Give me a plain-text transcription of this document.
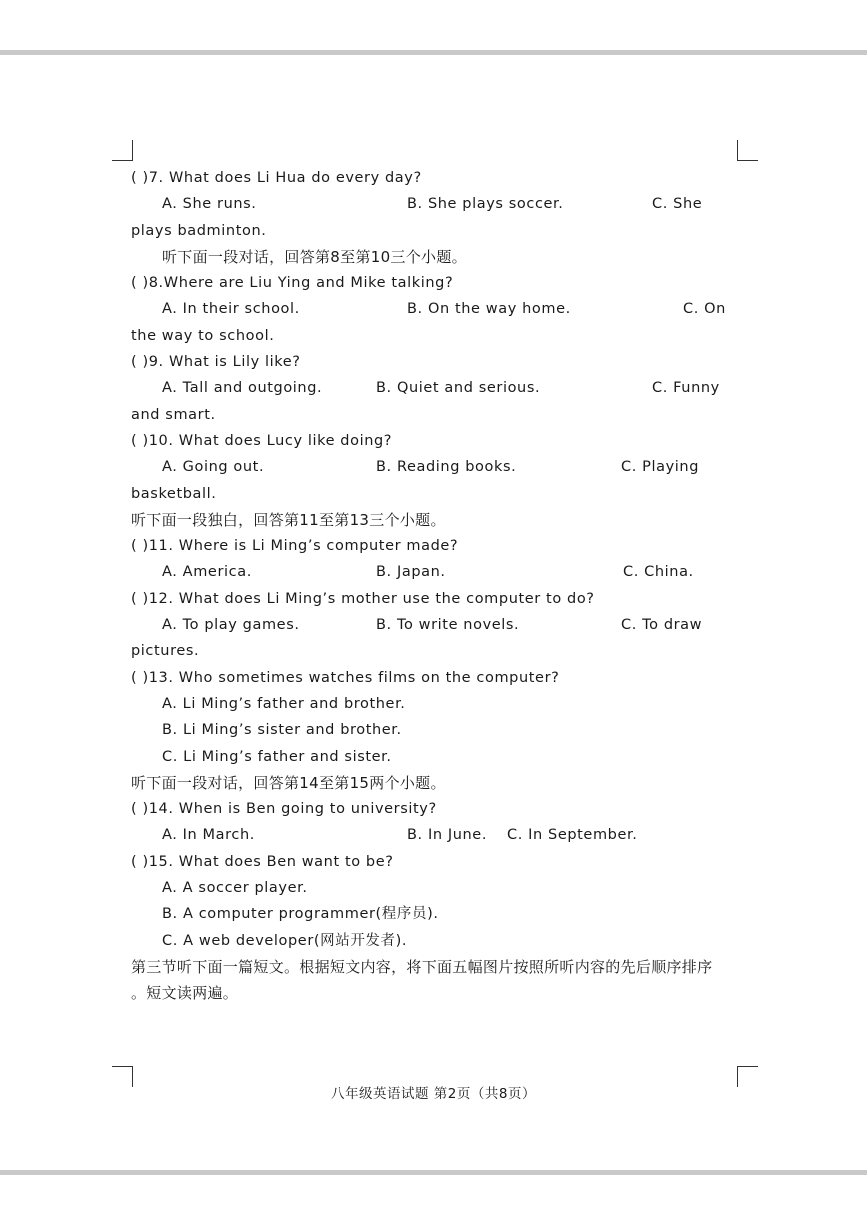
( )7. What does Li Hua do every day?
A. She runs.	B. She plays soccer.	C. She
plays badminton.
听下面一段对话，回答第8至第10三个小题。
( )8.Where are Liu Ying and Mike talking?
A. In their school.	B. On the way home.	C. On
the way to school.
( )9. What is Lily like?
A. Tall and outgoing.	B. Quiet and serious.	C. Funny
and smart.
( )10. What does Lucy like doing?
A. Going out.	B. Reading books.	C. Playing
basketball.
听下面一段独白，回答第11至第13三个小题。
( )11. Where is Li Ming’s computer made?
A. America.	B. Japan.	C. China.
( )12. What does Li Ming’s mother use the computer to do?
A. To play games.	B. To write novels.	C. To draw
pictures.
( )13. Who sometimes watches films on the computer?
A. Li Ming’s father and brother.
B. Li Ming’s sister and brother.
C. Li Ming’s father and sister.
听下面一段对话，回答第14至第15两个小题。
( )14. When is Ben going to university?
A. In March.	B. In June. C. In September.
( )15. What does Ben want to be?
A. A soccer player.
B. A computer programmer(程序员).
C. A web developer(网站开发者).
第三节听下面一篇短文。根据短文内容，将下面五幅图片按照所听内容的先后顺序排序
。短文读两遍。
八年级英语试题 第2页（共8页）
